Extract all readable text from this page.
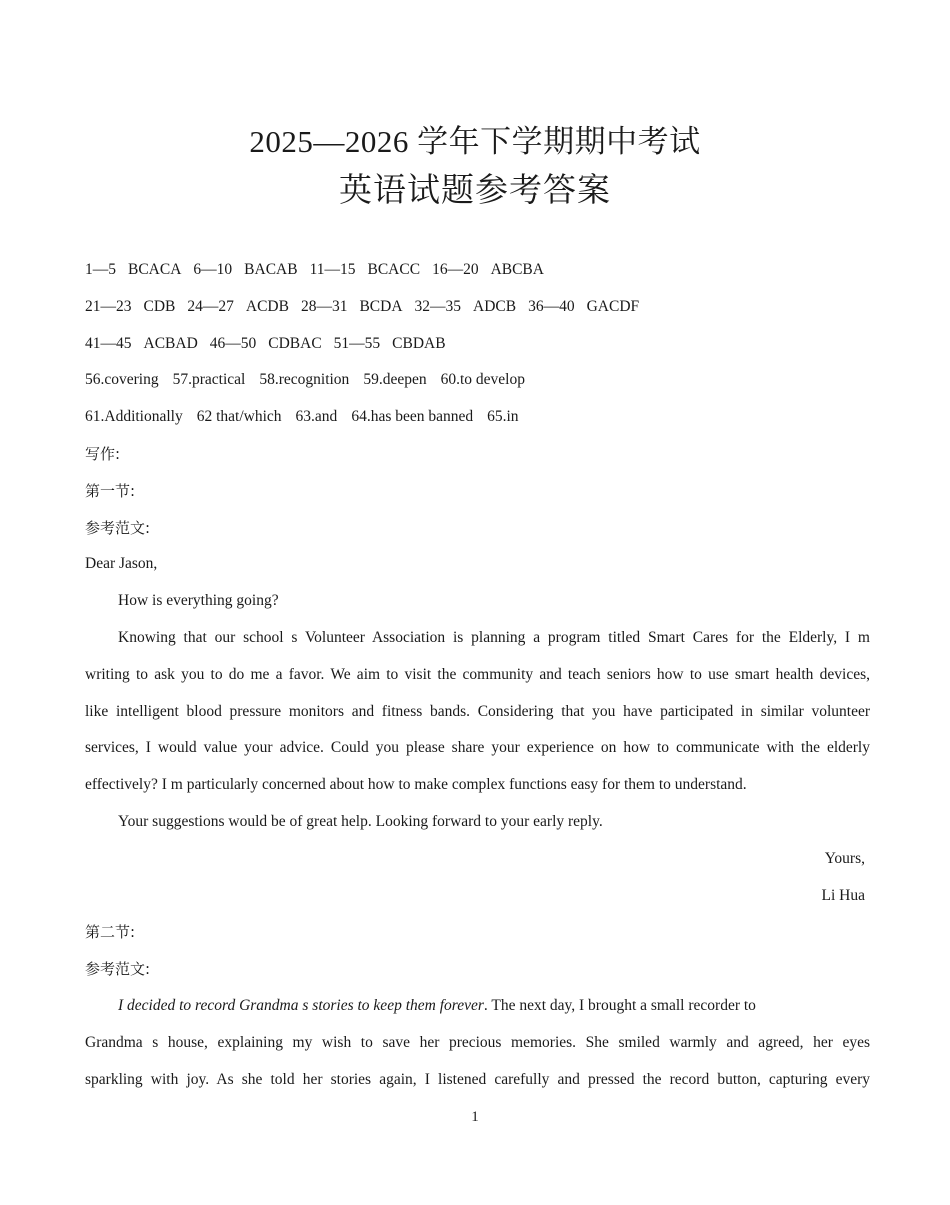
2025—2026 学年下学期期中考试
英语试题参考答案
1—5 BCACA 6—10 BACAB 11—15 BCACC 16—20 ABCBA
21—23 CDB 24—27 ACDB 28—31 BCDA 32—35 ADCB 36—40 GACDF
41—45 ACBAD 46—50 CDBAC 51—55 CBDAB
56.covering 57.practical 58.recognition 59.deepen 60.to develop
61.Additionally 62 that/which 63.and 64.has been banned 65.in
写作:
第一节:
参考范文:
Dear Jason,
How is everything going?
Knowing that our school s Volunteer Association is planning a program titled Smart Cares for the Elderly, I m
writing to ask you to do me a favor. We aim to visit the community and teach seniors how to use smart health devices,
like intelligent blood pressure monitors and fitness bands. Considering that you have participated in similar volunteer
services, I would value your advice. Could you please share your experience on how to communicate with the elderly
effectively? I m particularly concerned about how to make complex functions easy for them to understand.
Your suggestions would be of great help. Looking forward to your early reply.
Yours,
Li Hua
第二节:
参考范文:
I decided to record Grandma s stories to keep them forever. The next day, I brought a small recorder to
Grandma s house, explaining my wish to save her precious memories. She smiled warmly and agreed, her eyes
sparkling with joy. As she told her stories again, I listened carefully and pressed the record button, capturing every
1
